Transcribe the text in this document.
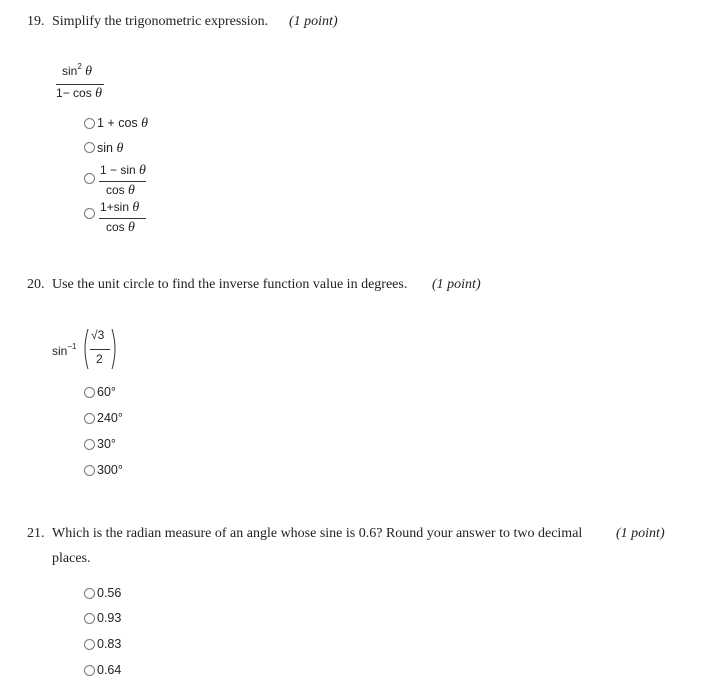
19. Simplify the trigonometric expression. (1 point)
$\sin^2 \theta$
1− cos θ
1 + cos θ
sin θ
1 − sin θ
cos θ
1+sin θ
cos θ
20. Use the unit circle to find the inverse function value in degrees. (1 point)
$\sin^{-1}$
√3
2
60°
240°
30°
300°
21. Which is the radian measure of an angle whose sine is 0.6? Round your answer to two decimal
places.
(1 point)
0.56
0.93
0.83
0.64
